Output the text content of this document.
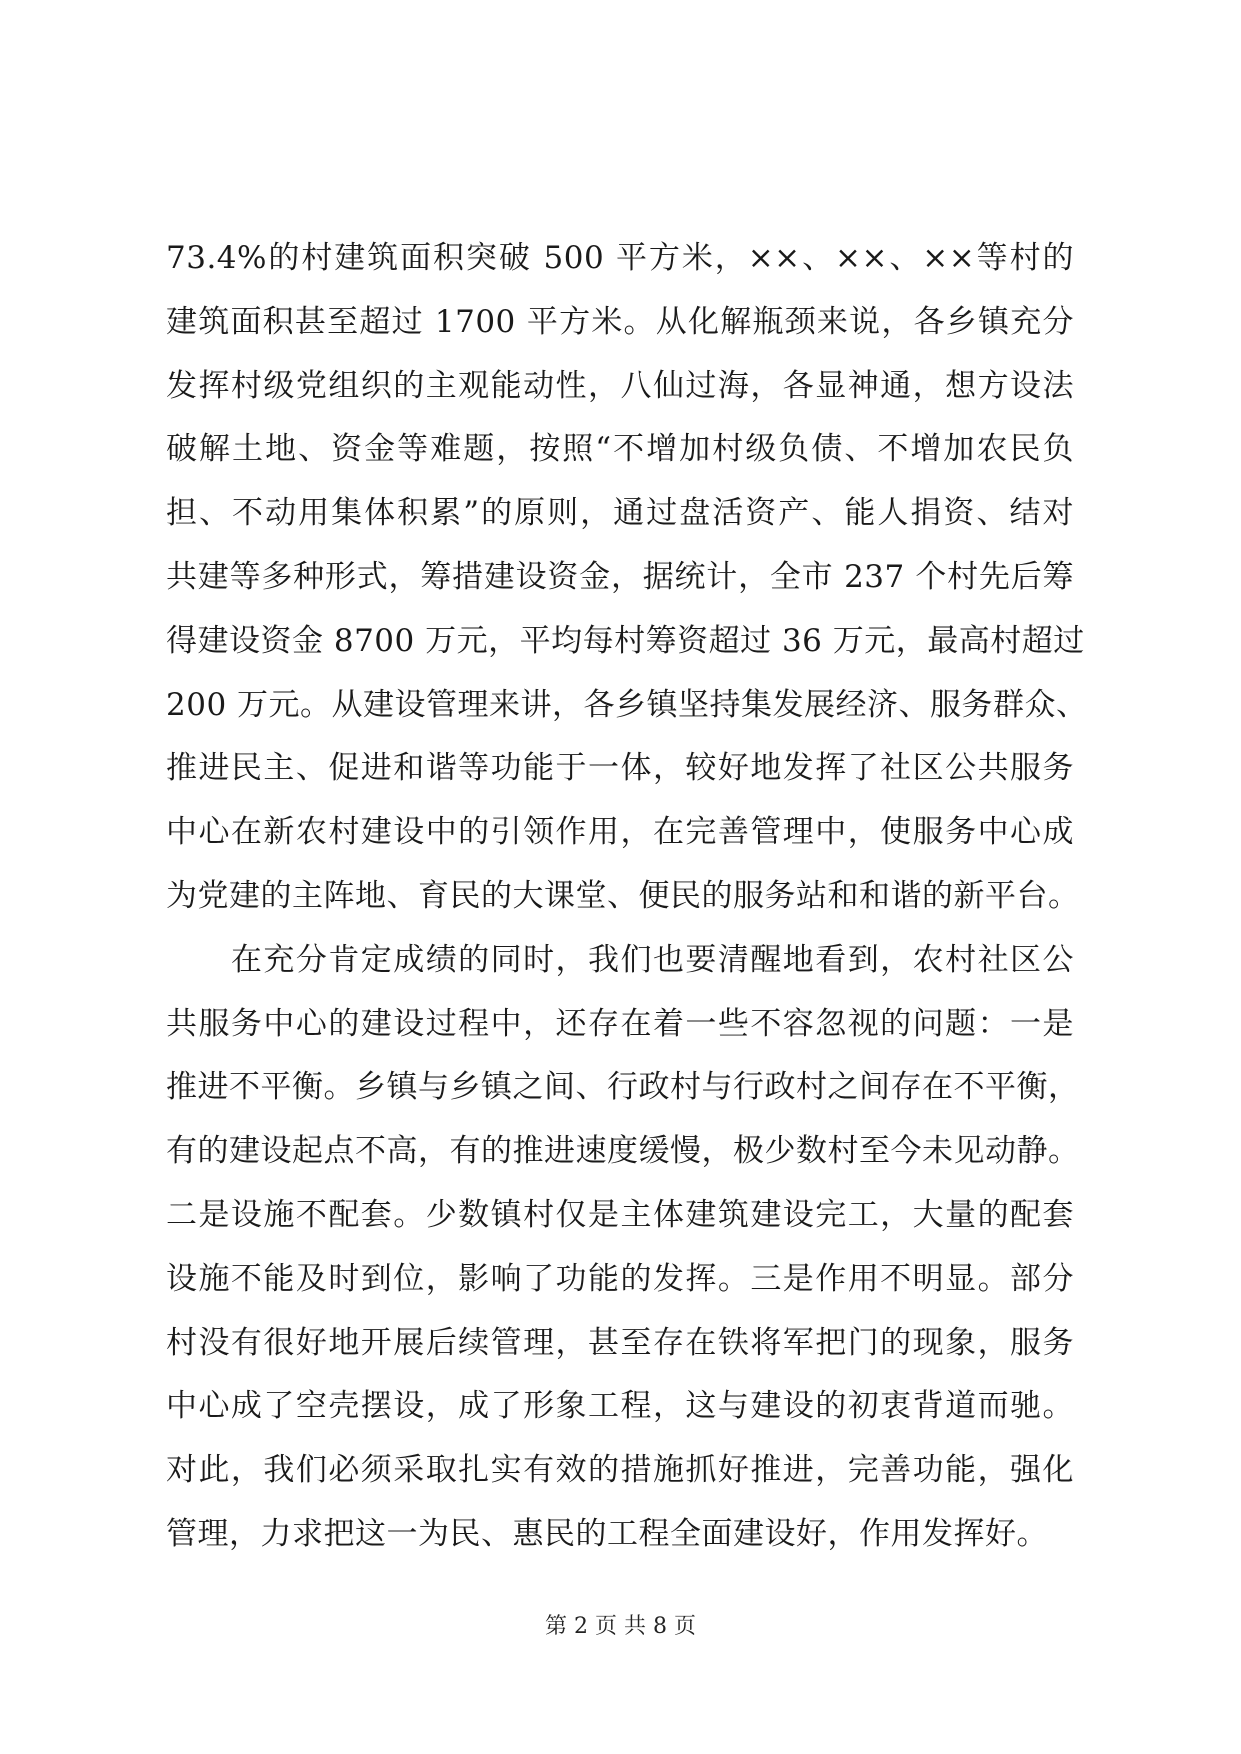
73.4%的村建筑面积突破 500 平方米，××、××、××等村的
建筑面积甚至超过 1700 平方米。从化解瓶颈来说，各乡镇充分
发挥村级党组织的主观能动性，八仙过海，各显神通，想方设法
破解土地、资金等难题，按照“不增加村级负债、不增加农民负
担、不动用集体积累”的原则，通过盘活资产、能人捐资、结对
共建等多种形式，筹措建设资金，据统计，全市 237 个村先后筹
得建设资金 8700 万元，平均每村筹资超过 36 万元，最高村超过
200 万元。从建设管理来讲，各乡镇坚持集发展经济、服务群众、
推进民主、促进和谐等功能于一体，较好地发挥了社区公共服务
中心在新农村建设中的引领作用，在完善管理中，使服务中心成
为党建的主阵地、育民的大课堂、便民的服务站和和谐的新平台。
　　在充分肯定成绩的同时，我们也要清醒地看到，农村社区公
共服务中心的建设过程中，还存在着一些不容忽视的问题：一是
推进不平衡。乡镇与乡镇之间、行政村与行政村之间存在不平衡，
有的建设起点不高，有的推进速度缓慢，极少数村至今未见动静。
二是设施不配套。少数镇村仅是主体建筑建设完工，大量的配套
设施不能及时到位，影响了功能的发挥。三是作用不明显。部分
村没有很好地开展后续管理，甚至存在铁将军把门的现象，服务
中心成了空壳摆设，成了形象工程，这与建设的初衷背道而驰。
对此，我们必须采取扎实有效的措施抓好推进，完善功能，强化
管理，力求把这一为民、惠民的工程全面建设好，作用发挥好。
第 2 页 共 8 页
